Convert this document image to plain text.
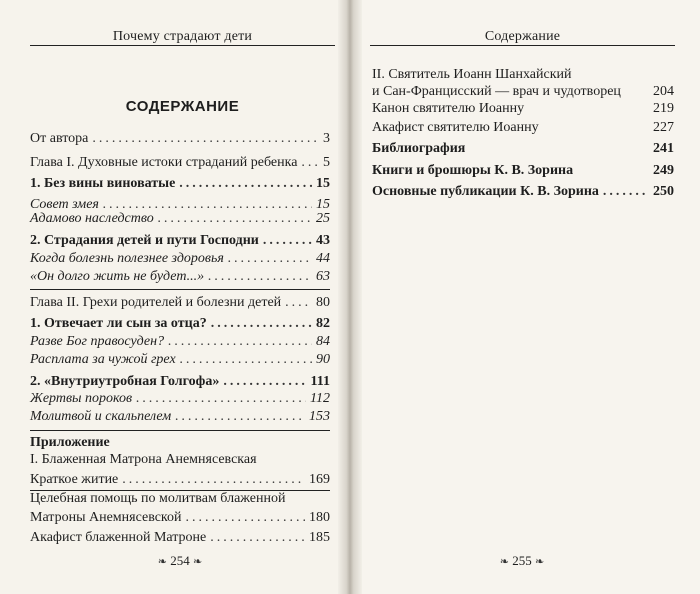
Почему страдают дети
СОДЕРЖАНИЕ
От автора .....	3
Глава I. Духовные истоки страданий ребенка ..... 5
1. Без вины виноватые .....	15
Совет змея .....	15
Адамово наследство .....	25
2. Страдания детей и пути Господни .....	43
Когда болезнь полезнее здоровья .....	44
«Он долго жить не будет...» .....	63
Глава II. Грехи родителей и болезни детей ..... 80
1. Отвечает ли сын за отца? .....	82
Разве Бог правосуден? .....	84
Расплата за чужой грех .....	90
2. «Внутриутробная Голгофа» .....	111
Жертвы пороков .....	112
Молитвой и скальпелем .....	153
Приложение
I. Блаженная Матрона Анемнясевская
Краткое житие .....	169
Целебная помощь по молитвам блаженной
Матроны Анемнясевской .....	180
Акафист блаженной Матроне .....	185
❧ 254 ❧
Содержание
II. Святитель Иоанн Шанхайский
и Сан-Францисский — врач и чудотворец 204
Канон святителю Иоанну	219
Акафист святителю Иоанну	227
Библиография	241
Книги и брошюры К. В. Зорина	249
Основные публикации К. В. Зорина .....	250
❧ 255 ❧
